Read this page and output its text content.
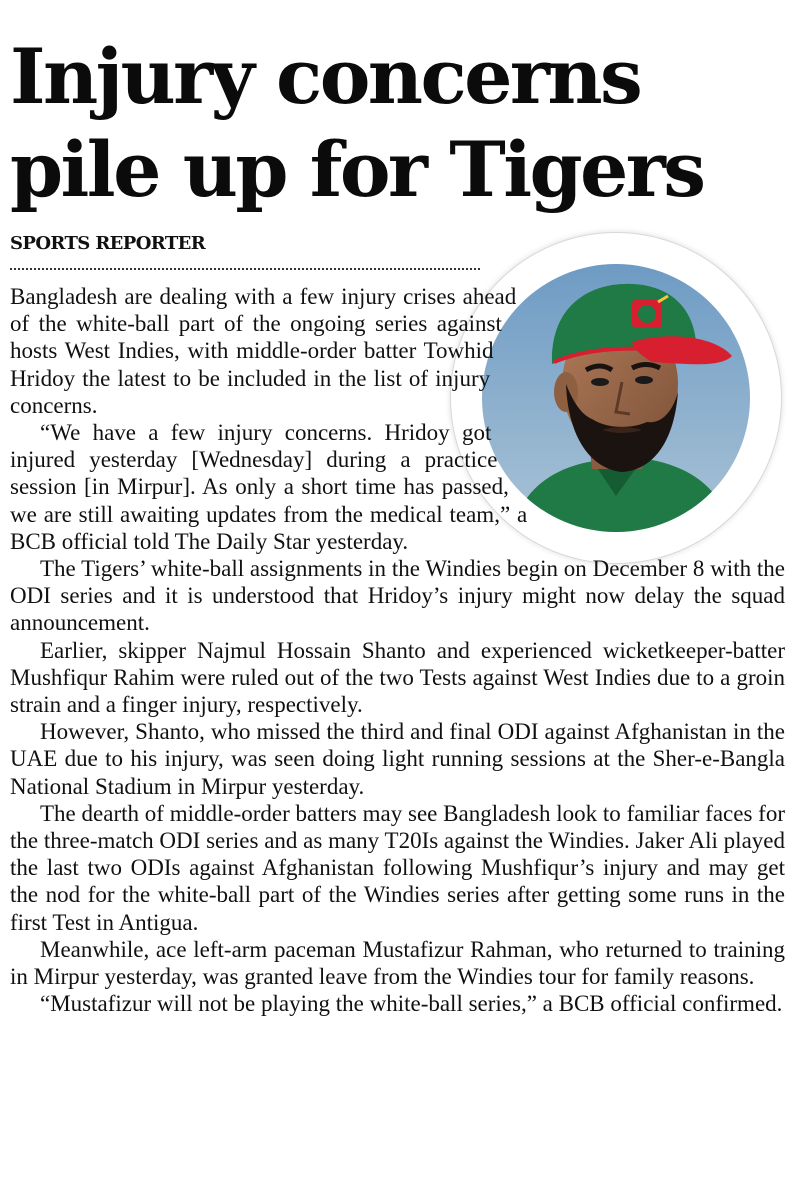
Injury concerns pile up for Tigers
SPORTS REPORTER

Bangladesh are dealing with a few injury crises ahead of the white-ball part of the ongoing series against hosts West Indies, with middle-order batter Towhid Hridoy the latest to be included in the list of injury concerns.

“We have a few injury concerns. Hridoy got injured yesterday [Wednesday] during a practice session [in Mirpur]. As only a short time has passed, we are still awaiting updates from the medical team,” a BCB official told The Daily Star yesterday.

The Tigers’ white-ball assignments in the Windies begin on December 8 with the ODI series and it is understood that Hridoy’s injury might now delay the squad announcement.

Earlier, skipper Najmul Hossain Shanto and experienced wicketkeeper-batter Mushfiqur Rahim were ruled out of the two Tests against West Indies due to a groin strain and a finger injury, respectively.

However, Shanto, who missed the third and final ODI against Afghanistan in the UAE due to his injury, was seen doing light running sessions at the Sher-e-Bangla National Stadium in Mirpur yesterday.

The dearth of middle-order batters may see Bangladesh look to familiar faces for the three-match ODI series and as many T20Is against the Windies. Jaker Ali played the last two ODIs against Afghanistan following Mushfiqur’s injury and may get the nod for the white-ball part of the Windies series after getting some runs in the first Test in Antigua.

Meanwhile, ace left-arm paceman Mustafizur Rahman, who returned to training in Mirpur yesterday, was granted leave from the Windies tour for family reasons.

“Mustafizur will not be playing the white-ball series,” a BCB official confirmed.
